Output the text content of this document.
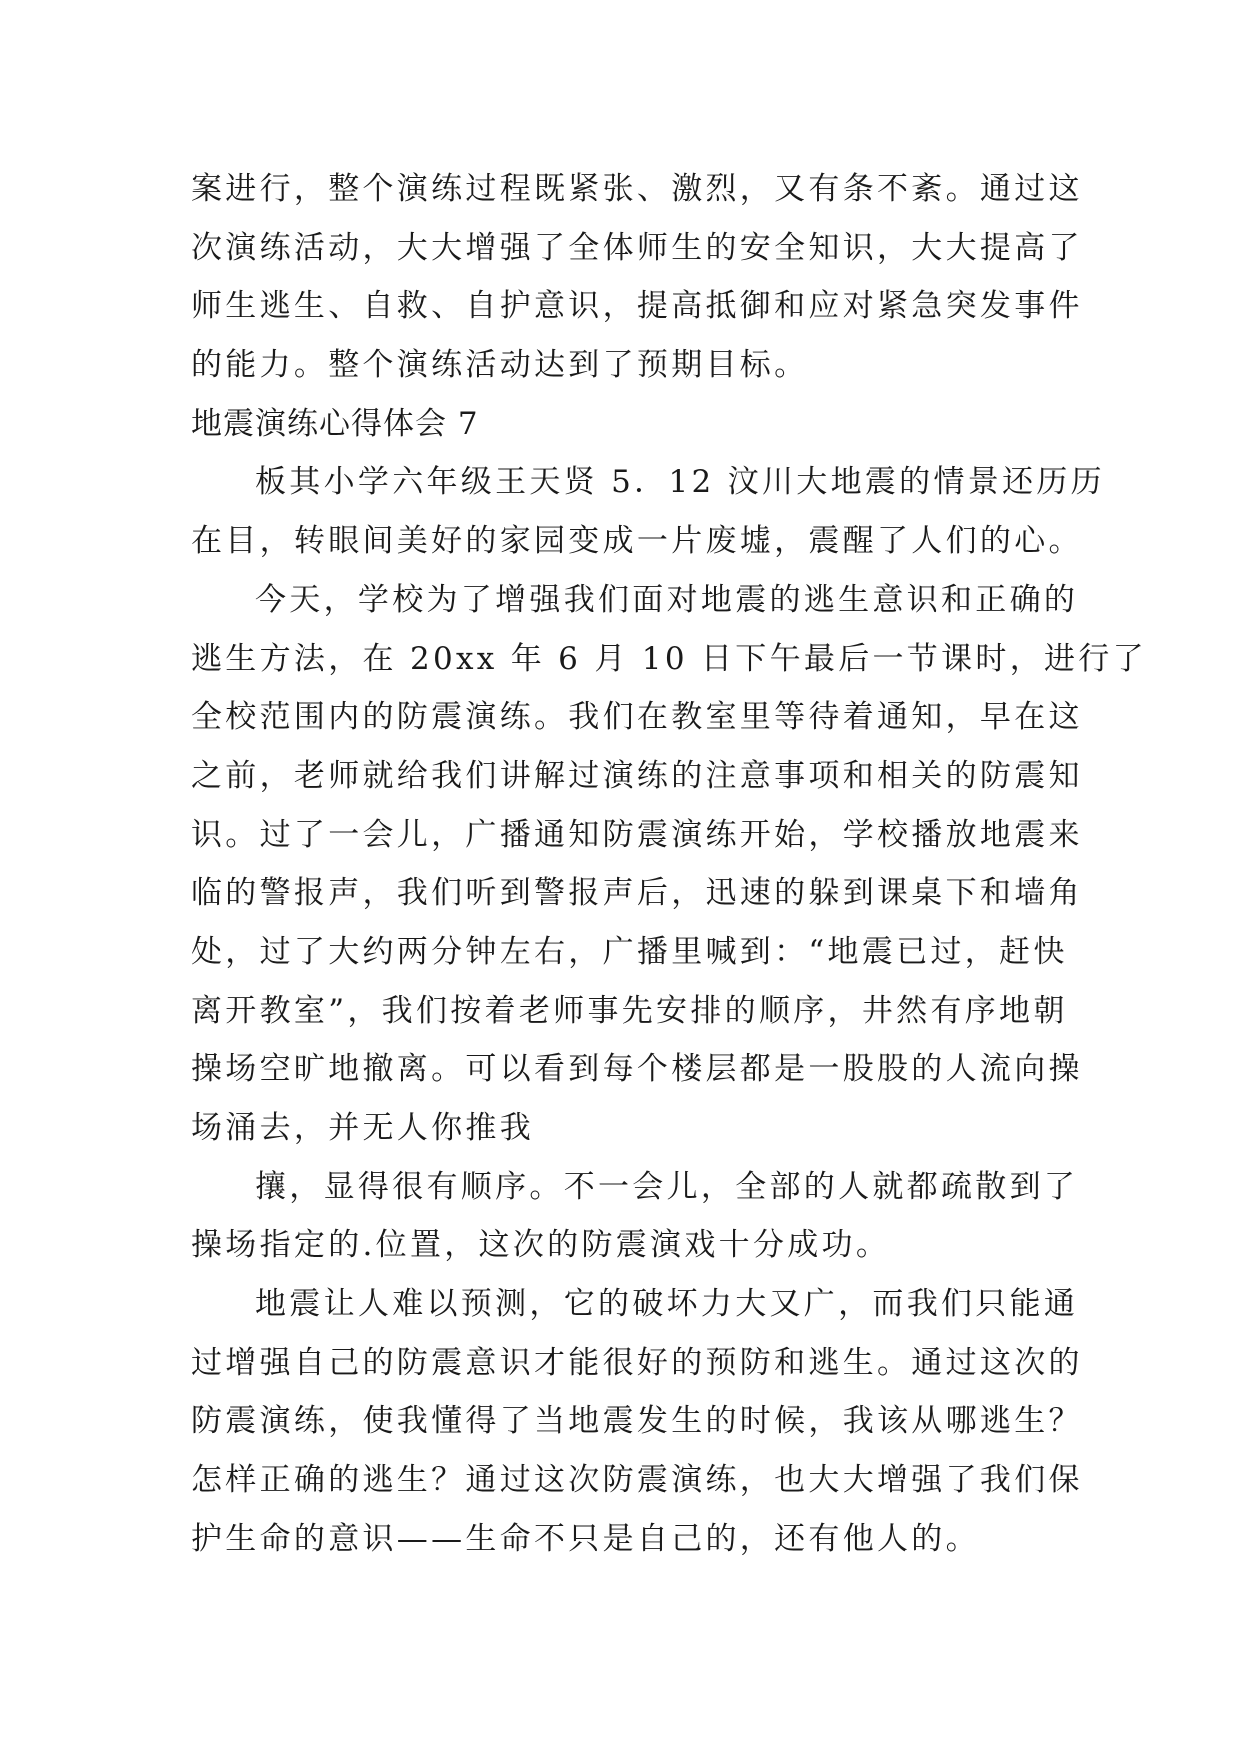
案进行，整个演练过程既紧张、激烈，又有条不紊。通过这
次演练活动，大大增强了全体师生的安全知识，大大提高了
师生逃生、自救、自护意识，提高抵御和应对紧急突发事件
的能力。整个演练活动达到了预期目标。
地震演练心得体会 7
板其小学六年级王天贤 5．12 汶川大地震的情景还历历
在目，转眼间美好的家园变成一片废墟，震醒了人们的心。
今天，学校为了增强我们面对地震的逃生意识和正确的
逃生方法，在 20xx 年 6 月 10 日下午最后一节课时，进行了
全校范围内的防震演练。我们在教室里等待着通知，早在这
之前，老师就给我们讲解过演练的注意事项和相关的防震知
识。过了一会儿，广播通知防震演练开始，学校播放地震来
临的警报声，我们听到警报声后，迅速的躲到课桌下和墙角
处，过了大约两分钟左右，广播里喊到：“地震已过，赶快
离开教室”，我们按着老师事先安排的顺序，井然有序地朝
操场空旷地撤离。可以看到每个楼层都是一股股的人流向操
场涌去，并无人你推我
攘，显得很有顺序。不一会儿，全部的人就都疏散到了
操场指定的.位置，这次的防震演戏十分成功。
地震让人难以预测，它的破坏力大又广，而我们只能通
过增强自己的防震意识才能很好的预防和逃生。通过这次的
防震演练，使我懂得了当地震发生的时候，我该从哪逃生？
怎样正确的逃生？通过这次防震演练，也大大增强了我们保
护生命的意识——生命不只是自己的，还有他人的。
